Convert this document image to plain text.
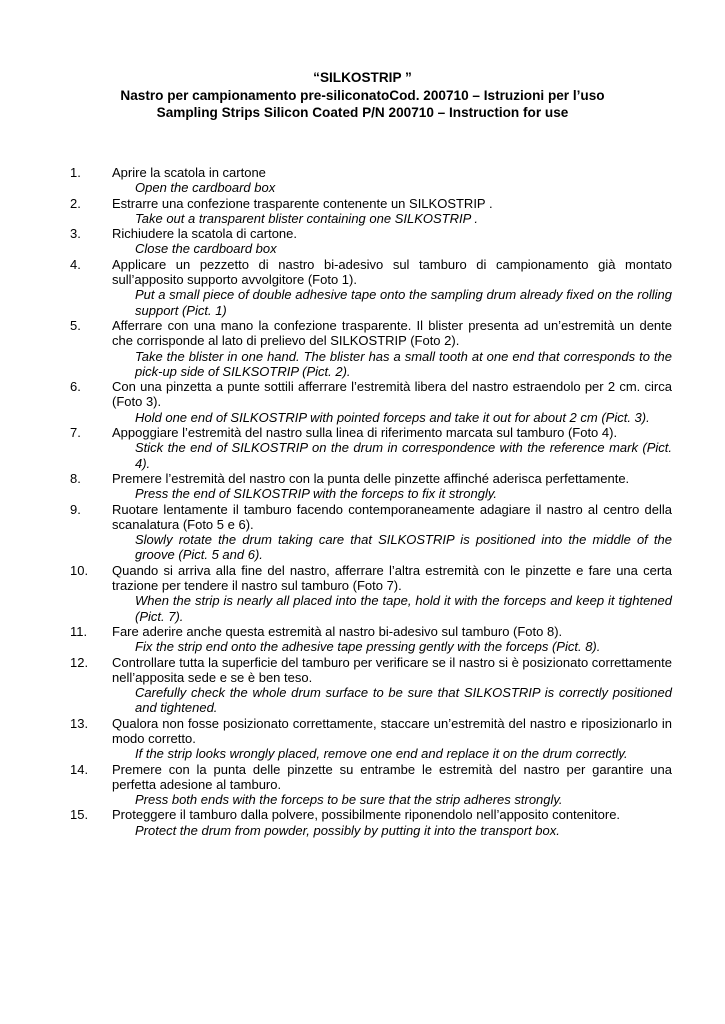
“SILKOSTRIP ”
Nastro per campionamento pre-siliconatoCod. 200710 – Istruzioni per l’uso
Sampling Strips Silicon Coated P/N 200710 – Instruction for use
1. Aprire la scatola in cartone
Open the cardboard box
2. Estrarre una confezione trasparente contenente un SILKOSTRIP .
Take out a transparent blister containing one SILKOSTRIP .
3. Richiudere la scatola di cartone.
Close the cardboard box
4. Applicare un pezzetto di nastro bi-adesivo sul tamburo di campionamento già montato sull’apposito supporto avvolgitore (Foto 1).
Put a small piece of double adhesive tape onto the sampling drum already fixed on the rolling support (Pict. 1)
5. Afferrare con una mano la confezione trasparente. Il blister presenta ad un’estremità un dente che corrisponde al lato di prelievo del SILKOSTRIP (Foto 2).
Take the blister in one hand. The blister has a small tooth at one end that corresponds to the pick-up side of SILKSOTRIP (Pict. 2).
6. Con una pinzetta a punte sottili afferrare l’estremità libera del nastro estraendolo per 2 cm. circa (Foto 3).
Hold one end of SILKOSTRIP with pointed forceps and take it out for about 2 cm (Pict. 3).
7. Appoggiare l’estremità del nastro sulla linea di riferimento marcata sul tamburo (Foto 4).
Stick the end of SILKOSTRIP on the drum in correspondence with the reference mark (Pict. 4).
8. Premere l’estremità del nastro con la punta delle pinzette affinché aderisca perfettamente.
Press the end of SILKOSTRIP with the forceps to fix it strongly.
9. Ruotare lentamente il tamburo facendo contemporaneamente adagiare il nastro al centro della scanalatura (Foto 5 e 6).
Slowly rotate the drum taking care that SILKOSTRIP is positioned into the middle of the groove (Pict. 5 and 6).
10. Quando si arriva alla fine del nastro, afferrare l’altra estremità con le pinzette e fare una certa trazione per tendere il nastro sul tamburo (Foto 7).
When the strip is nearly all placed into the tape, hold it with the forceps and keep it tightened (Pict. 7).
11. Fare aderire anche questa estremità al nastro bi-adesivo sul tamburo (Foto 8).
Fix the strip end onto the adhesive tape pressing gently with the forceps (Pict. 8).
12. Controllare tutta la superficie del tamburo per verificare se il nastro si è posizionato correttamente nell’apposita sede e se è ben teso.
Carefully check the whole drum surface to be sure that SILKOSTRIP is correctly positioned and tightened.
13. Qualora non fosse posizionato correttamente, staccare un’estremità del nastro e riposizionarlo in modo corretto.
If the strip looks wrongly placed, remove one end and replace it on the drum correctly.
14. Premere con la punta delle pinzette su entrambe le estremità del nastro per garantire una perfetta adesione al tamburo.
Press both ends with the forceps to be sure that the strip adheres strongly.
15. Proteggere il tamburo dalla polvere, possibilmente riponendolo nell’apposito contenitore.
Protect the drum from powder, possibly by putting it into the transport box.
